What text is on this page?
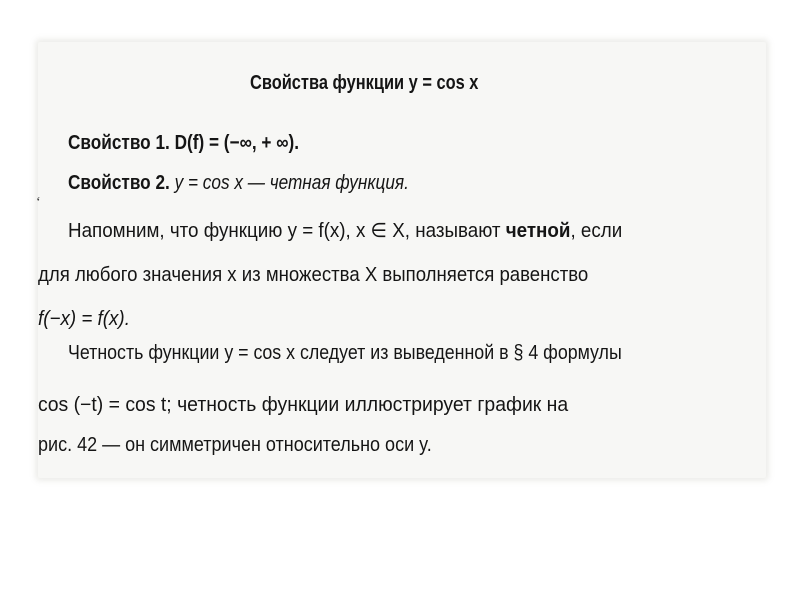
Свойства функции y = cos x
Свойство 1. D(f) = (−∞, + ∞).
Свойство 2. y = cos x — четная функция.
‘
Напомним, что функцию y = f(x), x ∈ X, называют четной, если
для любого значения x из множества X выполняется равенство
f(−x) = f(x).
Четность функции y = cos x следует из выведенной в § 4 формулы
cos (−t) = cos t; четность функции иллюстрирует график на
рис. 42 — он симметричен относительно оси y.
